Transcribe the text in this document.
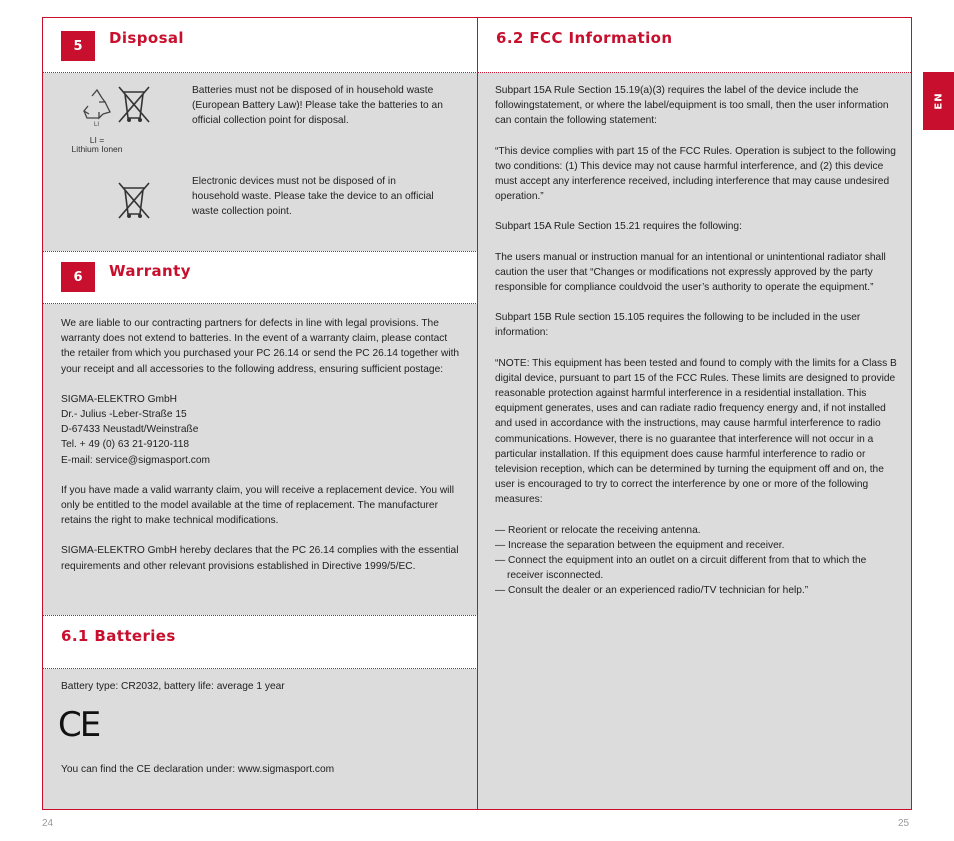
5	Disposal
LI
LI =
Lithium Ionen
Batteries must not be disposed of in household waste (European Battery Law)! Please take the batteries to an official collection point for disposal.
Electronic devices must not be disposed of in household waste. Please take the device to an official waste collection point.
6	Warranty

We are liable to our contracting partners for defects in line with legal provisions. The warranty does not extend to batteries. In the event of a warranty claim, please contact the retailer from which you purchased your PC 26.14 or send the PC 26.14 together with your receipt and all accessories to the following address, ensuring sufficient postage:

SIGMA-ELEKTRO GmbH

Dr.- Julius -Leber-Straße 15

D-67433 Neustadt/Weinstraße

Tel. + 49 (0) 63 21-9120-118

E-mail: service@sigmasport.com

If you have made a valid warranty claim, you will receive a replacement device. You will only be entitled to the model available at the time of replacement. The manufacturer retains the right to make technical modifications.

SIGMA-ELEKTRO GmbH hereby declares that the PC 26.14 complies with the essential requirements and other relevant provisions established in Directive 1999/5/EC.

6.1 Batteries
Battery type: CR2032, battery life: average 1 year
CE
You can find the CE declaration under: www.sigmasport.com
6.2 FCC Information

Subpart 15A Rule Section 15.19(a)(3) requires the label of the device include the followingstatement, or where the label/equipment is too small, then the user information can contain the following statement:

“This device complies with part 15 of the FCC Rules. Operation is subject to the following two conditions: (1) This device may not cause harmful interference, and (2) this device must accept any interference received, including interference that may cause undesired operation.”

Subpart 15A Rule Section 15.21 requires the following:

The users manual or instruction manual for an intentional or unintentional radiator shall caution the user that “Changes or modifications not expressly approved by the party responsible for compliance couldvoid the user’s authority to operate the equipment.”

Subpart 15B Rule section 15.105 requires the following to be included in the user information:

“NOTE: This equipment has been tested and found to comply with the limits for a Class B digital device, pursuant to part 15 of the FCC Rules. These limits are designed to provide reasonable protection against harmful interference in a residential installation. This equipment generates, uses and can radiate radio frequency energy and, if not installed and used in accordance with the instructions, may cause harmful interference to radio communications. However, there is no guarantee that interference will not occur in a particular installation. If this equipment does cause harmful interference to radio or television reception, which can be determined by turning the equipment off and on, the user is encouraged to try to correct the interference by one or more of the following measures:

— Reorient or relocate the receiving antenna.
— Increase the separation between the equipment and receiver.
— Connect the equipment into an outlet on a circuit different from that to which the receiver isconnected.
— Consult the dealer or an experienced radio/TV technician for help.”
EN
24	25
